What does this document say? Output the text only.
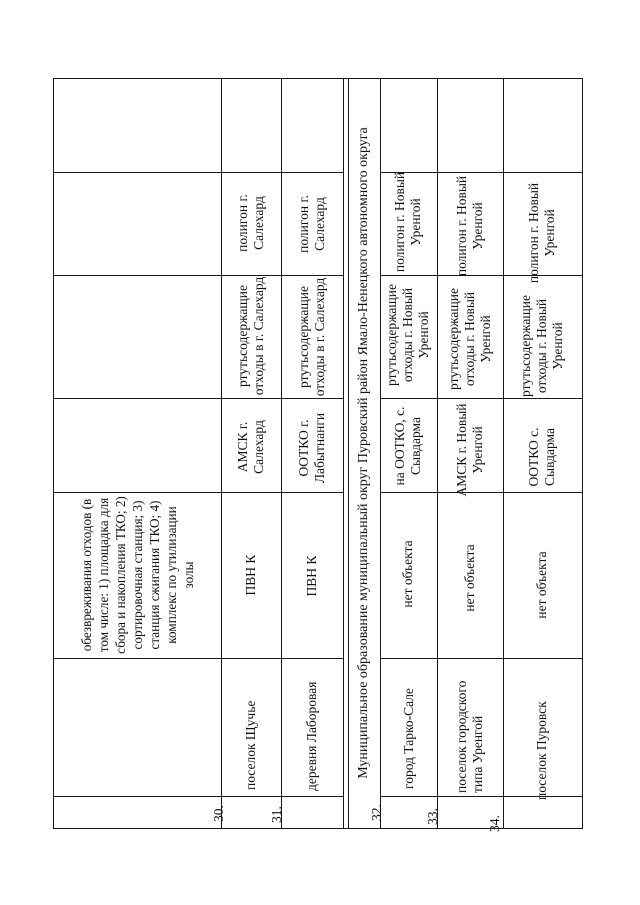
обезвреживания отходов (в том числе: 1) площадка для сбора и накопления ТКО; 2) сортировочная станция; 3) станция сжигания ТКО; 4) комплекс по утилизации золы
30.
поселок Щучье
ПВН К
АМСК г. Салехард
ртутьсодержащие отходы в г. Салехард
полигон г. Салехард
31.
деревня Лаборовая
ПВН К
ООТКО г. Лабытнанги
ртутьсодержащие отходы в г. Салехард
полигон г. Салехард	Муниципальное образование муниципальный округ Пуровский район Ямало-Ненецкого автономного округа
32.
город Тарко-Сале
нет объекта
на ООТКО, с. Сывдарма
ртутьсодержащие отходы г. Новый Уренгой
полигон г. Новый Уренгой
33.
поселок городского типа Уренгой
нет объекта
АМСК г. Новый Уренгой
ртутьсодержащие отходы г. Новый Уренгой
полигон г. Новый Уренгой
34.
поселок Пуровск
нет объекта
ООТКО с. Сывдарма
ртутьсодержащие отходы г. Новый Уренгой
полигон г. Новый Уренгой
